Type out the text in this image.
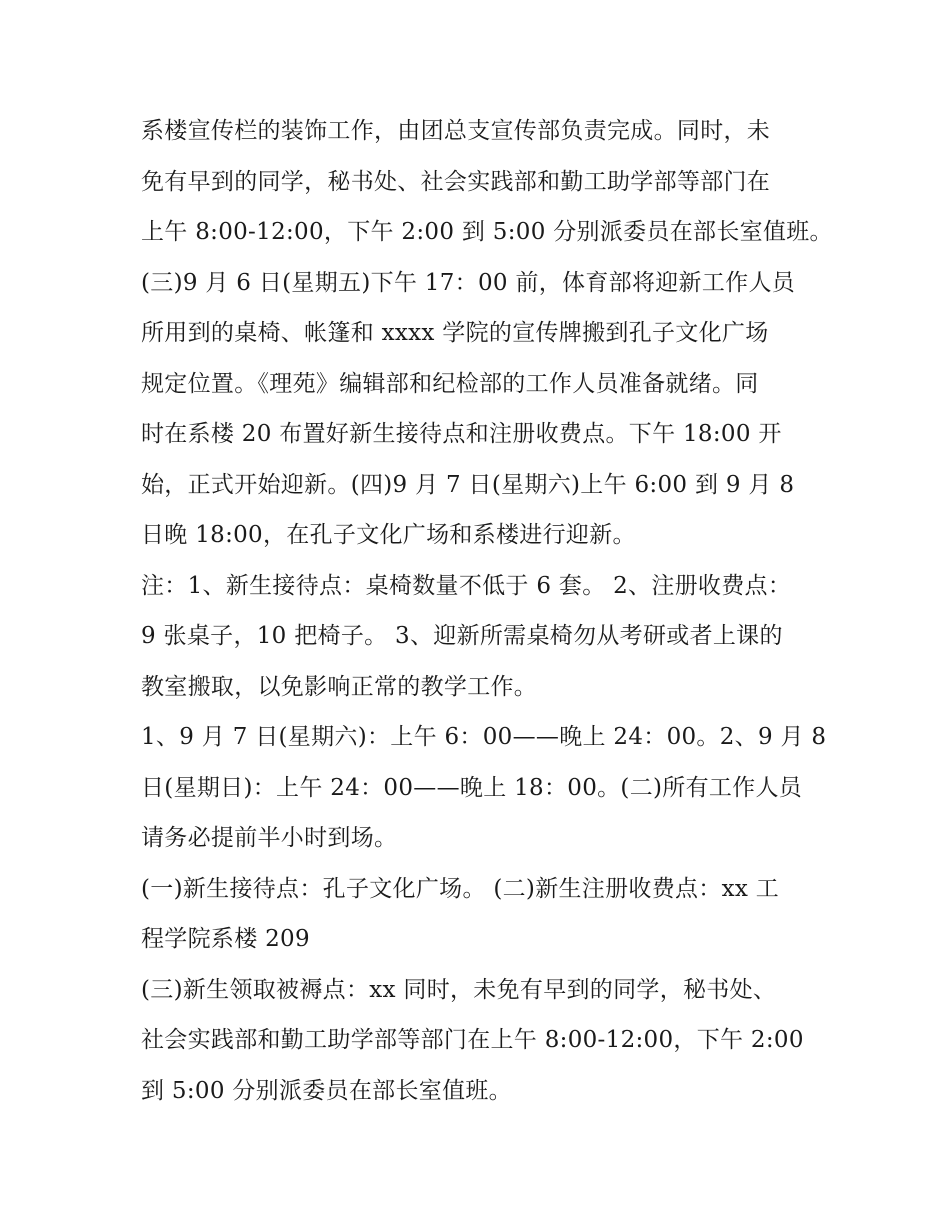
系楼宣传栏的装饰工作，由团总支宣传部负责完成。同时，未
免有早到的同学，秘书处、社会实践部和勤工助学部等部门在
上午 8:00-12:00，下午 2:00 到 5:00 分别派委员在部长室值班。
(三)9 月 6 日(星期五)下午 17：00 前，体育部将迎新工作人员
所用到的桌椅、帐篷和 xxxx 学院的宣传牌搬到孔子文化广场
规定位置。《理苑》编辑部和纪检部的工作人员准备就绪。同
时在系楼 20 布置好新生接待点和注册收费点。下午 18:00 开
始，正式开始迎新。(四)9 月 7 日(星期六)上午 6:00 到 9 月 8
日晚 18:00，在孔子文化广场和系楼进行迎新。
注：1、新生接待点：桌椅数量不低于 6 套。 2、注册收费点：
9 张桌子，10 把椅子。 3、迎新所需桌椅勿从考研或者上课的
教室搬取，以免影响正常的教学工作。
1、9 月 7 日(星期六)：上午 6：00——晚上 24：00。2、9 月 8
日(星期日)：上午 24：00——晚上 18：00。(二)所有工作人员
请务必提前半小时到场。
(一)新生接待点：孔子文化广场。 (二)新生注册收费点：xx 工
程学院系楼 209
(三)新生领取被褥点：xx 同时，未免有早到的同学，秘书处、
社会实践部和勤工助学部等部门在上午 8:00-12:00，下午 2:00
到 5:00 分别派委员在部长室值班。
